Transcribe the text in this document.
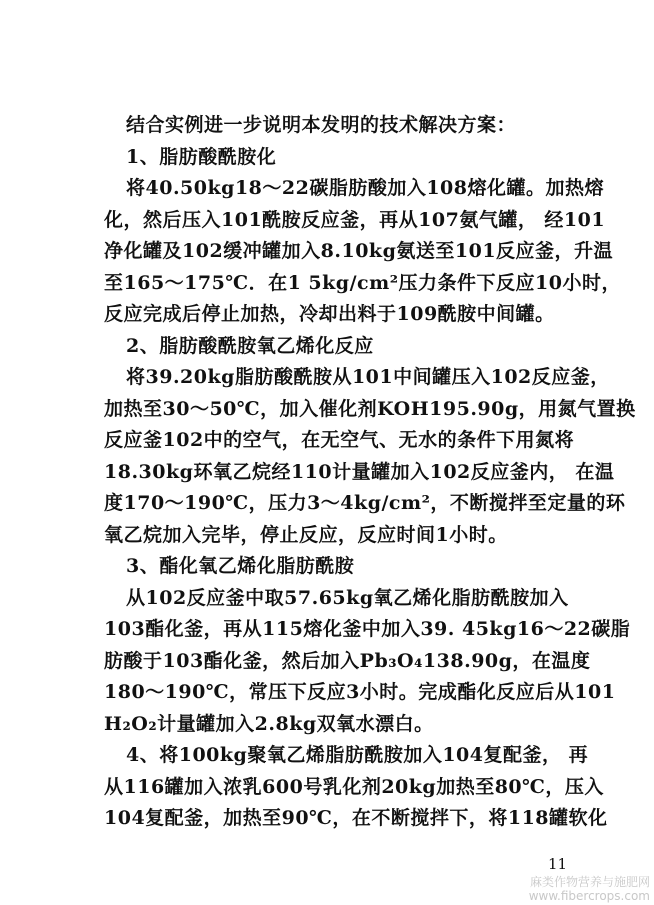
结合实例进一步说明本发明的技术解决方案：
1、脂肪酸酰胺化
将40.50kg18～22碳脂肪酸加入108熔化罐。加热熔
化，然后压入101酰胺反应釜，再从107氨气罐， 经101
净化罐及102缓冲罐加入8.10kg氨送至101反应釜，升温
至165～175℃．在1 5kg/cm²压力条件下反应10小时，
反应完成后停止加热，冷却出料于109酰胺中间罐。
2、脂肪酸酰胺氧乙烯化反应
将39.20kg脂肪酸酰胺从101中间罐压入102反应釜，
加热至30～50℃，加入催化剂KOH195.90g，用氮气置换
反应釜102中的空气，在无空气、无水的条件下用氮将
18.30kg环氧乙烷经110计量罐加入102反应釜内， 在温
度170～190℃，压力3～4kg/cm²，不断搅拌至定量的环
氧乙烷加入完毕，停止反应，反应时间1小时。
3、酯化氧乙烯化脂肪酰胺
从102反应釜中取57.65kg氧乙烯化脂肪酰胺加入
103酯化釜，再从115熔化釜中加入39. 45kg16～22碳脂
肪酸于103酯化釜，然后加入Pb₃O₄138.90g，在温度
180～190℃，常压下反应3小时。完成酯化反应后从101
H₂O₂计量罐加入2.8kg双氧水漂白。
4、将100kg聚氧乙烯脂肪酰胺加入104复配釜， 再
从116罐加入浓乳600号乳化剂20kg加热至80℃，压入
104复配釜，加热至90℃，在不断搅拌下，将118罐软化
11
麻类作物营养与施肥网
www.fibercrops.com
